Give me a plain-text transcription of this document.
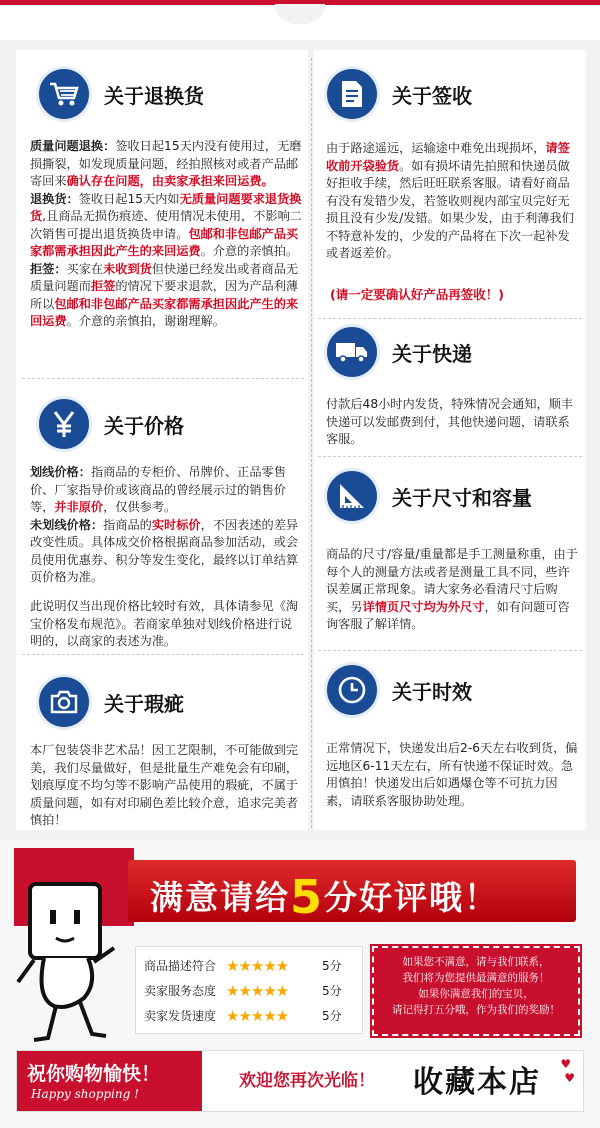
关于退换货
质量问题退换：签收日起15天内没有使用过，无磨损撕裂，如发现质量问题，经拍照核对或者产品邮寄回来确认存在问题，由卖家承担来回运费。
退换货：签收日起15天内如无质量问题要求退货换货,且商品无损伤痕迹、使用情况未使用，不影响二次销售可提出退货换货申请。包邮和非包邮产品买家都需承担因此产生的来回运费。介意的亲慎拍。
拒签：买家在未收到货但快递已经发出或者商品无质量问题而拒签的情况下要求退款，因为产品利薄所以包邮和非包邮产品买家都需承担因此产生的来回运费。介意的亲慎拍，谢谢理解。
关于签收
由于路途遥远，运输途中难免出现损坏，请签收前开袋验货。如有损坏请先拍照和快递员做好拒收手续，然后旺旺联系客服。请看好商品有没有发错少发，若签收则视内部宝贝完好无损且没有少发/发错。如果少发，由于利薄我们不特意补发的，少发的产品将在下次一起补发或者返差价。
(请一定要确认好产品再签收！)
关于快递
付款后48小时内发货，特殊情况会通知，顺丰快递可以发邮费到付，其他快递问题，请联系客服。
关于尺寸和容量
商品的尺寸/容量/重量都是手工测量称重，由于每个人的测量方法或者是测量工具不同，些许误差属正常现象。请大家务必看清尺寸后购买，另详情页尺寸均为外尺寸，如有问题可咨询客服了解详情。
关于时效
正常情况下，快递发出后2-6天左右收到货，偏远地区6-11天左右，所有快递不保证时效。急用慎拍！快递发出后如遇爆仓等不可抗力因素，请联系客服协助处理。
关于价格
划线价格：指商品的专柜价、吊牌价、正品零售价、厂家指导价或该商品的曾经展示过的销售价等，并非原价，仅供参考。
未划线价格：指商品的实时标价，不因表述的差异改变性质。具体成交价格根据商品参加活动，或会员使用优惠券、积分等发生变化，最终以订单结算页价格为准。
此说明仅当出现价格比较时有效，具体请参见《淘宝价格发布规范》。若商家单独对划线价格进行说明的，以商家的表述为准。
关于瑕疵
本厂包装袋非艺术品！因工艺限制，不可能做到完美，我们尽量做好，但是批量生产难免会有印刷，划痕厚度不均匀等不影响产品使用的瑕疵，不属于质量问题，如有对印刷色差比较介意，追求完美者慎拍！
满意请给5分好评哦！
商品描述符合 ★★★★★	5分
卖家服务态度 ★★★★★	5分
卖家发货速度 ★★★★★	5分
如果您不满意，请与我们联系，
我们将为您提供最满意的服务！
如果你满意我们的宝贝，
请记得打五分哦，作为我们的奖励！
祝你购物愉快！
Happy shopping !
欢迎您再次光临！	收藏本店
♥
♥
